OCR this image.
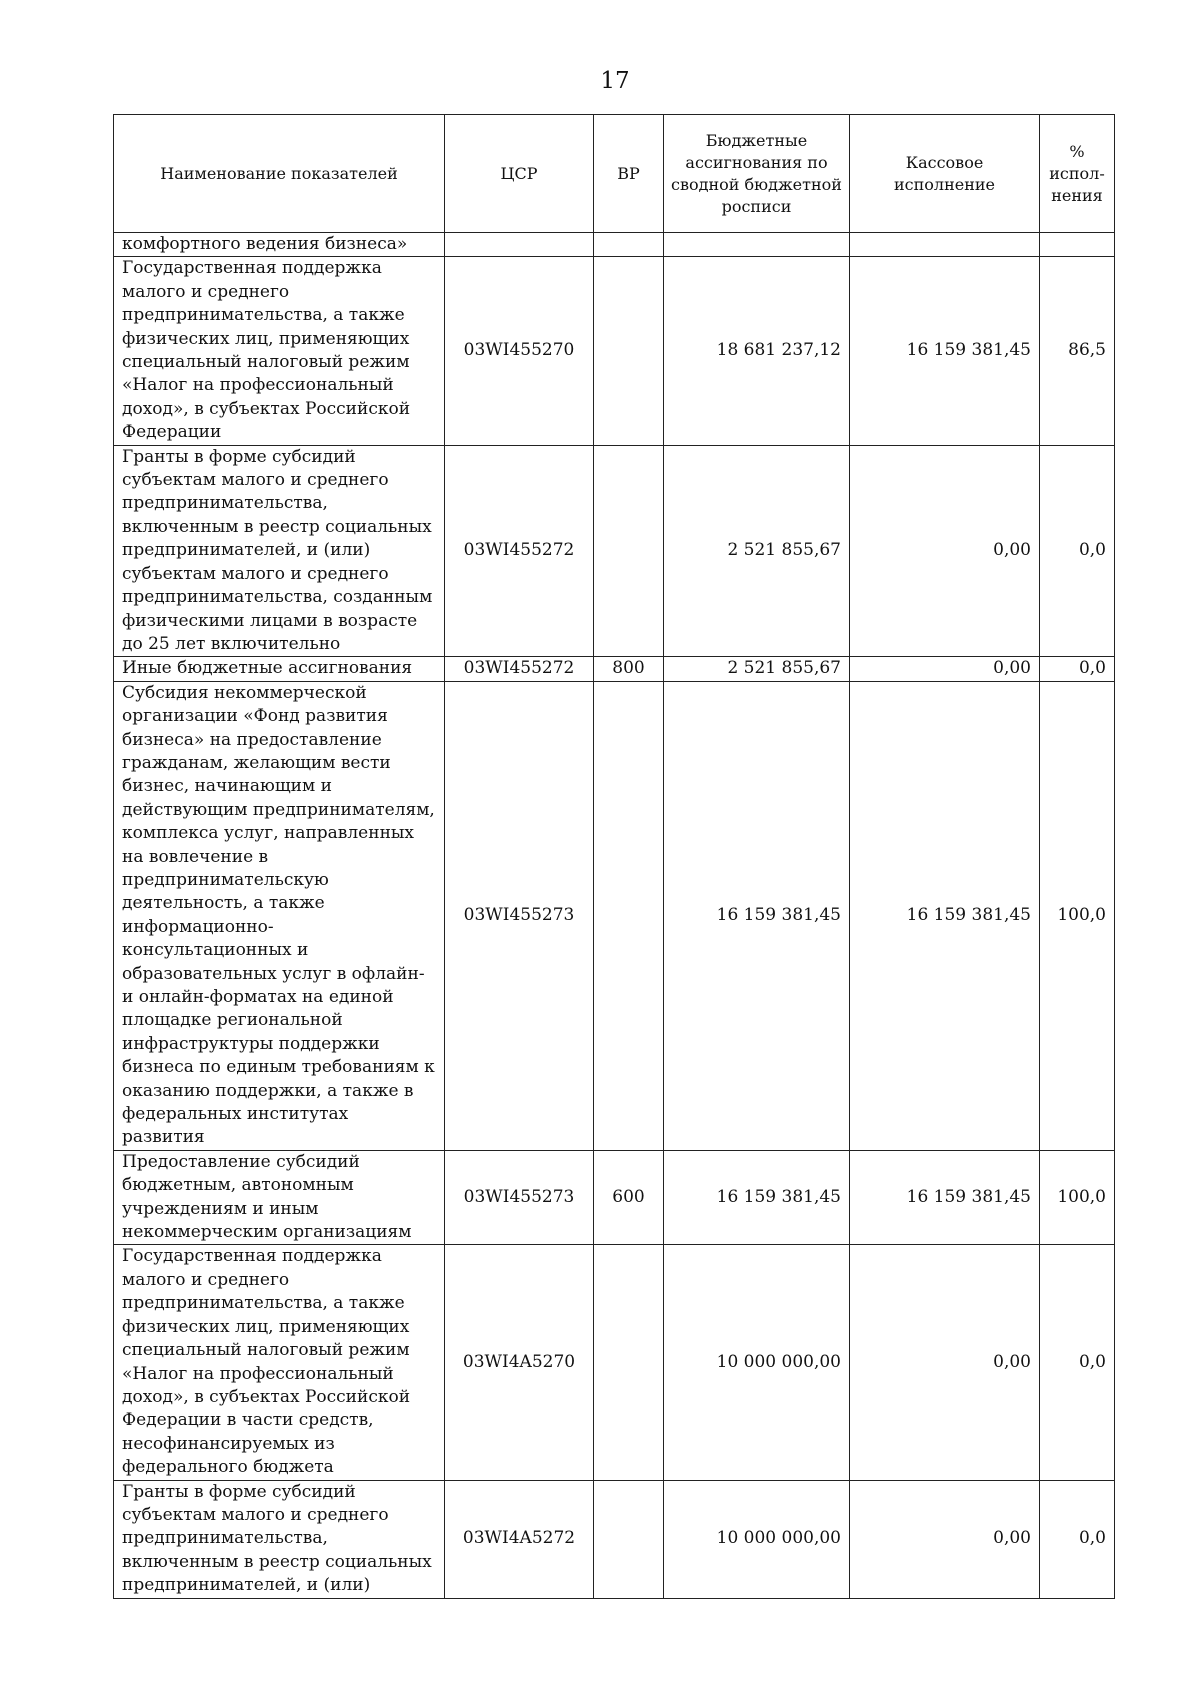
17
Наименование показателей	ЦСР	ВР	Бюджетные ассигнования по сводной бюджетной росписи	Кассовое исполнение	% испол-нения
комфортного ведения бизнеса»					
Государственная поддержка малого и среднего предпринимательства, а также физических лиц, применяющих специальный налоговый режим «Налог на профессиональный доход», в субъектах Российской Федерации	03WI455270		18 681 237,12	16 159 381,45	86,5
Гранты в форме субсидий субъектам малого и среднего предпринимательства, включенным в реестр социальных предпринимателей, и (или) субъектам малого и среднего предпринимательства, созданным физическими лицами в возрасте до 25 лет включительно	03WI455272		2 521 855,67	0,00	0,0
Иные бюджетные ассигнования	03WI455272	800	2 521 855,67	0,00	0,0
Субсидия некоммерческой организации «Фонд развития бизнеса» на предоставление гражданам, желающим вести бизнес, начинающим и действующим предпринимателям, комплекса услуг, направленных на вовлечение в предпринимательскую деятельность, а также информационно-консультационных и образовательных услуг в офлайн- и онлайн-форматах на единой площадке региональной инфраструктуры поддержки бизнеса по единым требованиям к оказанию поддержки, а также в федеральных институтах развития	03WI455273		16 159 381,45	16 159 381,45	100,0
Предоставление субсидий бюджетным, автономным учреждениям и иным некоммерческим организациям	03WI455273	600	16 159 381,45	16 159 381,45	100,0
Государственная поддержка малого и среднего предпринимательства, а также физических лиц, применяющих специальный налоговый режим «Налог на профессиональный доход», в субъектах Российской Федерации в части средств, несофинансируемых из федерального бюджета	03WI4A5270		10 000 000,00	0,00	0,0
Гранты в форме субсидий субъектам малого и среднего предпринимательства, включенным в реестр социальных предпринимателей, и (или)	03WI4A5272		10 000 000,00	0,00	0,0
